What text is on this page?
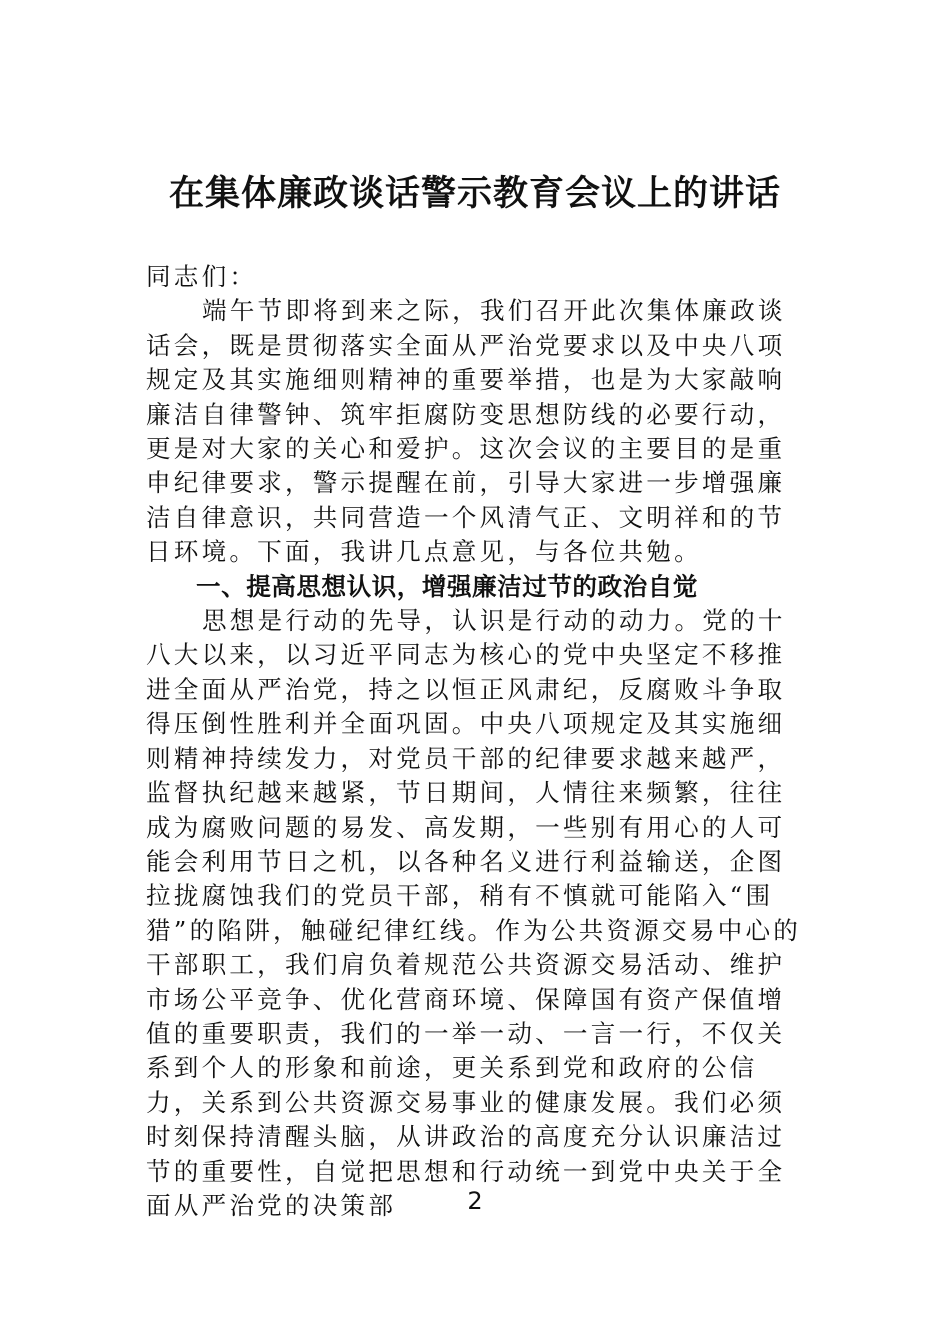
在集体廉政谈话警示教育会议上的讲话

同志们：

端午节即将到来之际，我们召开此次集体廉政谈话会，既是贯彻落实全面从严治党要求以及中央八项规定及其实施细则精神的重要举措，也是为大家敲响廉洁自律警钟、筑牢拒腐防变思想防线的必要行动，更是对大家的关心和爱护。这次会议的主要目的是重申纪律要求，警示提醒在前，引导大家进一步增强廉洁自律意识，共同营造一个风清气正、文明祥和的节日环境。下面，我讲几点意见，与各位共勉。

一、提高思想认识，增强廉洁过节的政治自觉

思想是行动的先导，认识是行动的动力。党的十八大以来，以习近平同志为核心的党中央坚定不移推进全面从严治党，持之以恒正风肃纪，反腐败斗争取得压倒性胜利并全面巩固。中央八项规定及其实施细则精神持续发力，对党员干部的纪律要求越来越严，监督执纪越来越紧，节日期间，人情往来频繁，往往成为腐败问题的易发、高发期，一些别有用心的人可能会利用节日之机，以各种名义进行利益输送，企图拉拢腐蚀我们的党员干部，稍有不慎就可能陷入“围猎”的陷阱，触碰纪律红线。作为公共资源交易中心的干部职工，我们肩负着规范公共资源交易活动、维护市场公平竞争、优化营商环境、保障国有资产保值增值的重要职责，我们的一举一动、一言一行，不仅关系到个人的形象和前途，更关系到党和政府的公信力，关系到公共资源交易事业的健康发展。我们必须时刻保持清醒头脑，从讲政治的高度充分认识廉洁过节的重要性，自觉把思想和行动统一到党中央关于全面从严治党的决策部	2
